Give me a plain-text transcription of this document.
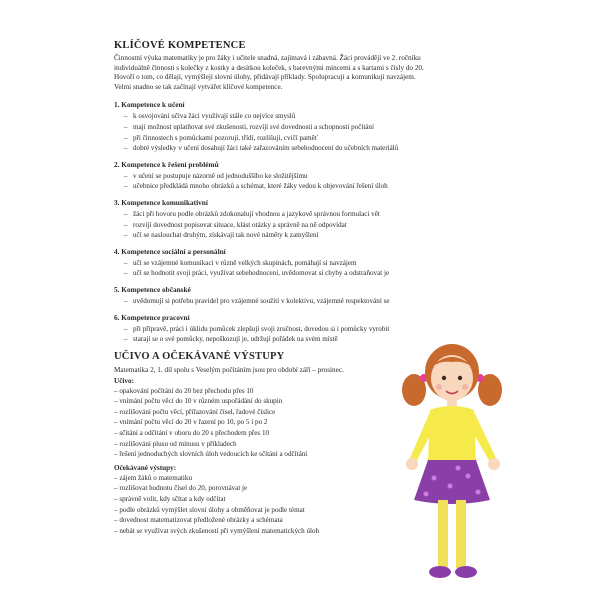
KLÍČOVÉ KOMPETENCE
Činnostní výuka matematiky je pro žáky i učitele snadná, zajímavá i zábavná. Žáci provádějí ve 2. ročníku
individuálně činnosti s kolečky z kostky a desítkou koleček, s barevnými mincemi a s kartami s čísly do 20.
Hovoří o tom, co dělají, vymýšlejí slovní úlohy, přidávají příklady. Spolupracují a komunikují navzájem.
Velmi snadno se tak začínají vytvářet klíčové kompetence.
1. Kompetence k učení
– k osvojování učiva žáci využívají stále co nejvíce smyslů
– mají možnost uplatňovat své zkušenosti, rozvíjí své dovednosti a schopnosti počítání
– při činnostech s pomůckami pozorují, třídí, rozlišují, cvičí paměť
– dobré výsledky v učení dosahují žáci také zařazováním sebehodnocení do učebních materiálů
2. Kompetence k řešení problémů
– v učení se postupuje názorně od jednoduššího ke složitějšímu
– učebnice předkládá mnoho obrázků a schémat, které žáky vedou k objevování řešení úloh
3. Kompetence komunikativní
– žáci při hovoru podle obrázků zdokonalují vhodnou a jazykově správnou formulaci vět
– rozvíjí dovednost popisovat situace, klást otázky a správně na ně odpovídat
– učí se naslouchat druhým, získávají tak nové náměty k zamyšlení
4. Kompetence sociální a personální
– učí se vzájemné komunikaci v různě velkých skupinách, pomáhají si navzájem
– učí se hodnotit svoji práci, využívat sebehodnocení, uvědomovat si chyby a odstraňovat je
5. Kompetence občanské
– uvědomují si potřebu pravidel pro vzájemné soužití v kolektivu, vzájemné respektování se
6. Kompetence pracovní
– při přípravě, práci i úklidu pomůcek zlepšují svoji zručnost, dovedou si i pomůcky vyrobit
– starají se o své pomůcky, nepoškozují je, udržují pořádek na svém místě
UČIVO A OČEKÁVANÉ VÝSTUPY
Matematika 2, 1. díl spolu s Veselým počítáním jsou pro období září – prosinec.
Učivo:
– opakování počítání do 20 bez přechodu přes 10
– vnímání počtu věcí do 10 v různém uspořádání do skupin
– rozlišování počtu věcí, přiřazování čísel, řadové číslice
– vnímání počtu věcí do 20 v řazení po 10, po 5 i po 2
– sčítání a odčítání v oboru do 20 s přechodem přes 10
– rozlišování plusu od mínusu v příkladech
– řešení jednoduchých slovních úloh vedoucích ke sčítání a odčítání
Očekávané výstupy:
– zájem žáků o matematiku
– rozlišovat hodnotu čísel do 20, porovnávat je
– správně volit, kdy sčítat a kdy odčítat
– podle obrázků vymýšlet slovní úlohy a obměňovat je podle témat
– dovednost matematizovat předložené obrázky a schémata
– nebát se využívat svých zkušeností při vymýšlení matematických úloh
